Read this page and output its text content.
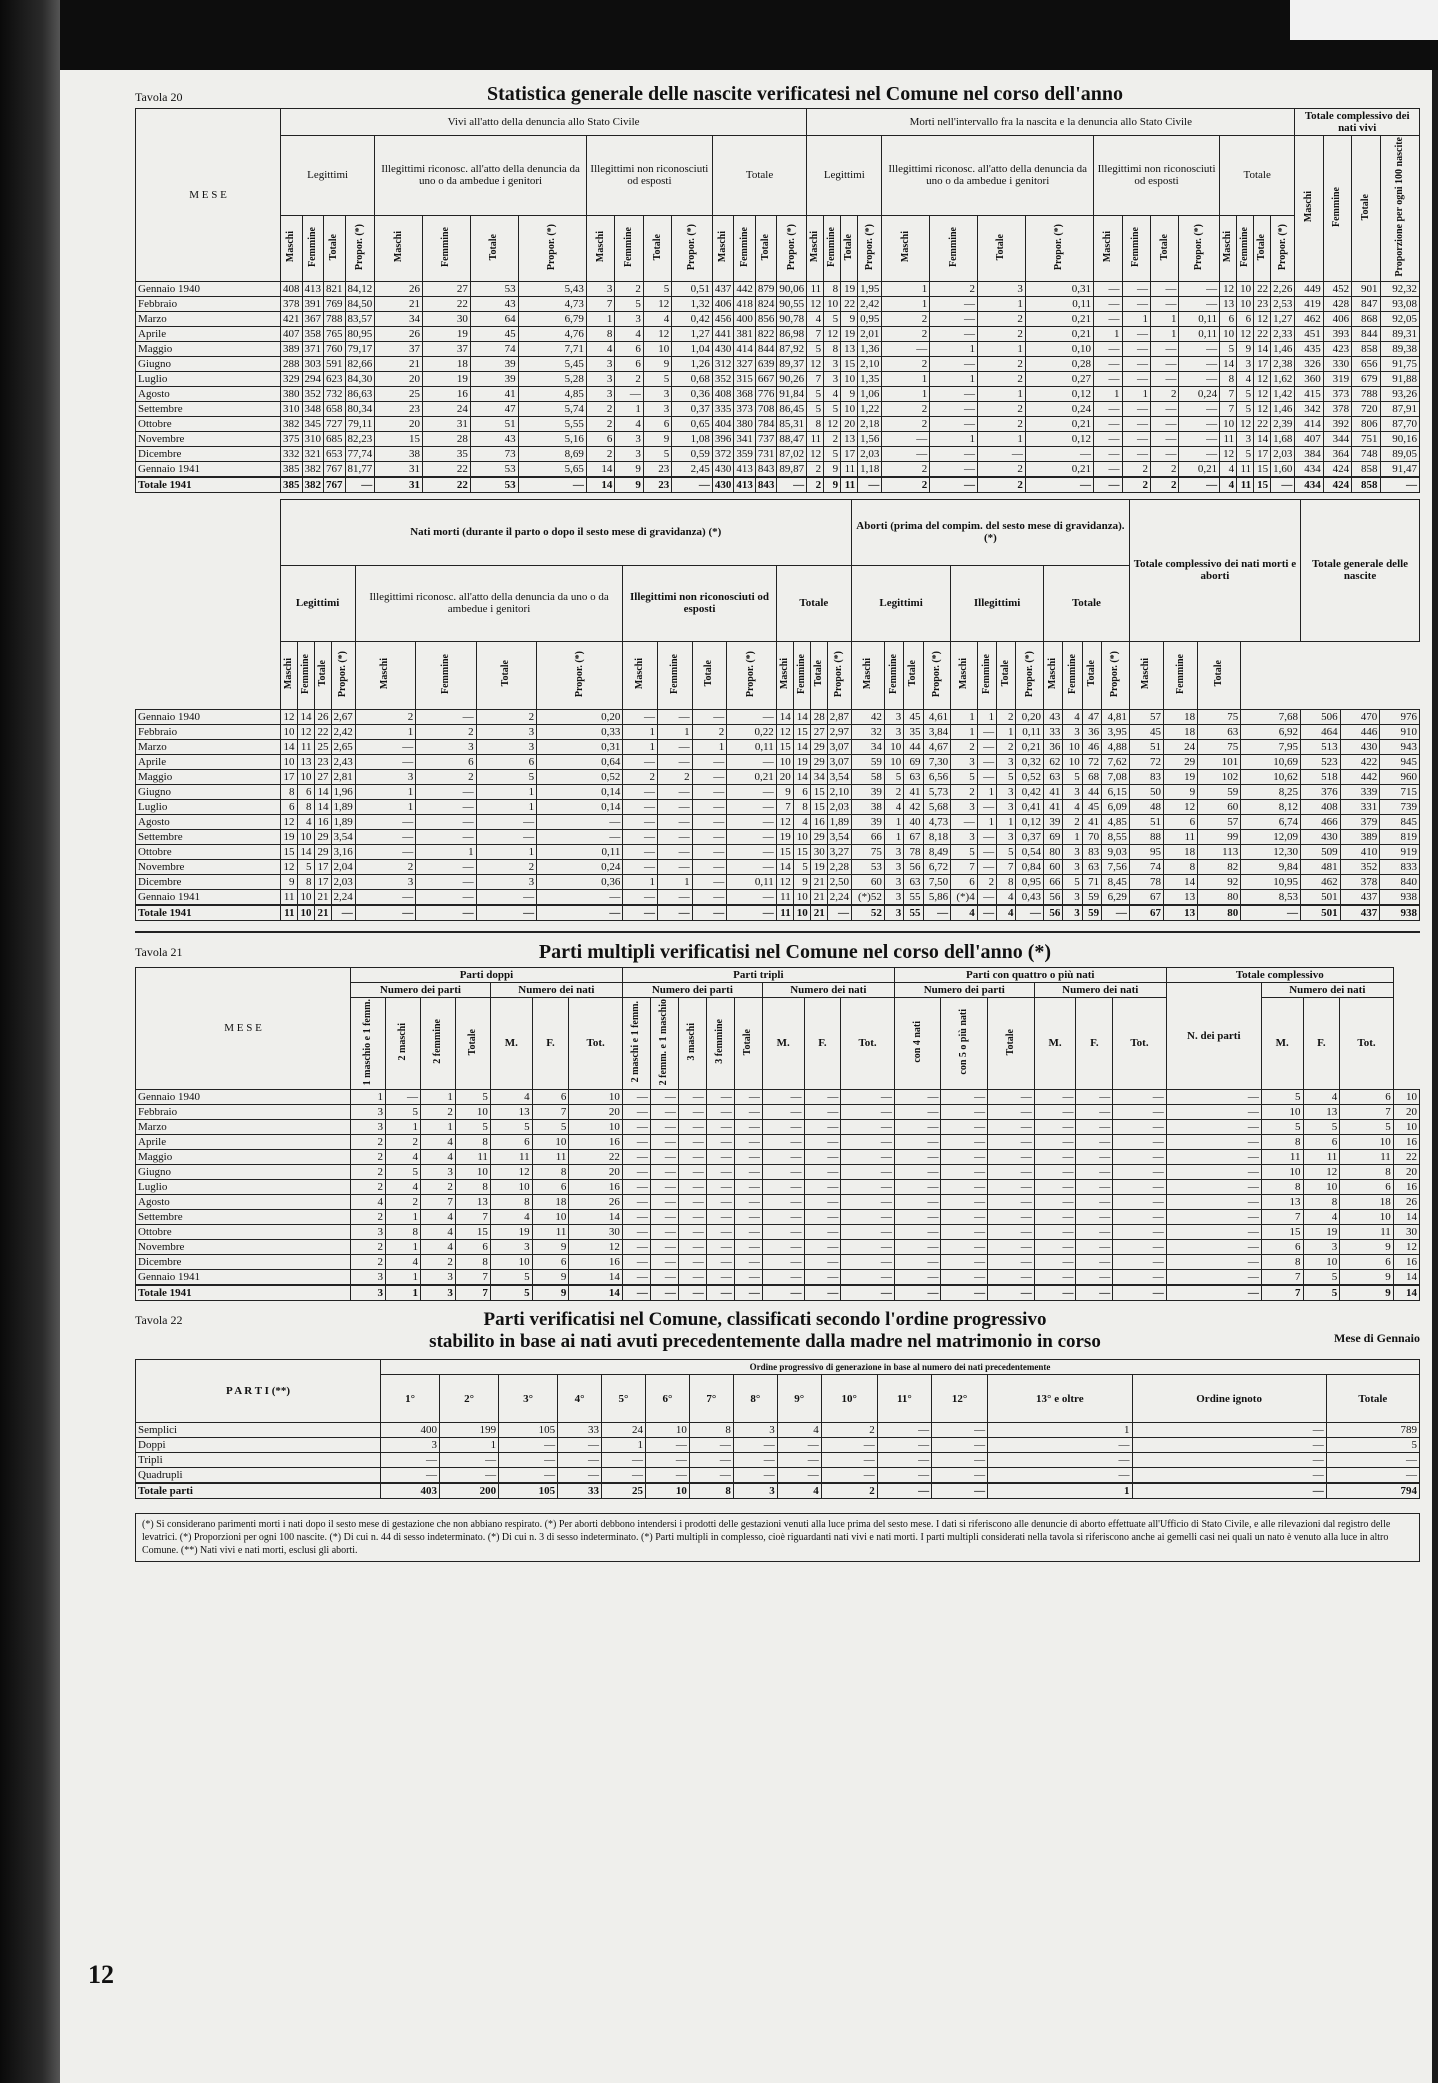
Tavola 20	Statistica generale delle nascite verificatesi nel Comune nel corso dell'anno
M E S E	Vivi all'atto della denuncia allo Stato Civile																Morti nell'intervallo fra la nascita e la denuncia allo Stato Civile																Totale complessivo dei nati vivi			
	Legittimi				Illegittimi riconosc. all'atto della denuncia da uno o da ambedue i genitori				Illegittimi non riconosciuti od esposti				Totale				Legittimi				Illegittimi riconosc. all'atto della denuncia da uno o da ambedue i genitori				Illegittimi non riconosciuti od esposti				Totale				Maschi	Femmine	Totale	Proporzione per ogni 100 nascite
	Maschi	Femmine	Totale	Propor. (*)	Maschi	Femmine	Totale	Propor. (*)	Maschi	Femmine	Totale	Propor. (*)	Maschi	Femmine	Totale	Propor. (*)	Maschi	Femmine	Totale	Propor. (*)	Maschi	Femmine	Totale	Propor. (*)	Maschi	Femmine	Totale	Propor. (*)	Maschi	Femmine	Totale	Propor. (*)				
Gennaio 1940	408	413	821	84,12	26	27	53	5,43	3	2	5	0,51	437	442	879	90,06	11	8	19	1,95	1	2	3	0,31	—	—	—	—	12	10	22	2,26	449	452	901	92,32
Febbraio	378	391	769	84,50	21	22	43	4,73	7	5	12	1,32	406	418	824	90,55	12	10	22	2,42	1	—	1	0,11	—	—	—	—	13	10	23	2,53	419	428	847	93,08
Marzo	421	367	788	83,57	34	30	64	6,79	1	3	4	0,42	456	400	856	90,78	4	5	9	0,95	2	—	2	0,21	—	1	1	0,11	6	6	12	1,27	462	406	868	92,05
Aprile	407	358	765	80,95	26	19	45	4,76	8	4	12	1,27	441	381	822	86,98	7	12	19	2,01	2	—	2	0,21	1	—	1	0,11	10	12	22	2,33	451	393	844	89,31
Maggio	389	371	760	79,17	37	37	74	7,71	4	6	10	1,04	430	414	844	87,92	5	8	13	1,36	—	1	1	0,10	—	—	—	—	5	9	14	1,46	435	423	858	89,38
Giugno	288	303	591	82,66	21	18	39	5,45	3	6	9	1,26	312	327	639	89,37	12	3	15	2,10	2	—	2	0,28	—	—	—	—	14	3	17	2,38	326	330	656	91,75
Luglio	329	294	623	84,30	20	19	39	5,28	3	2	5	0,68	352	315	667	90,26	7	3	10	1,35	1	1	2	0,27	—	—	—	—	8	4	12	1,62	360	319	679	91,88
Agosto	380	352	732	86,63	25	16	41	4,85	3	—	3	0,36	408	368	776	91,84	5	4	9	1,06	1	—	1	0,12	1	1	2	0,24	7	5	12	1,42	415	373	788	93,26
Settembre	310	348	658	80,34	23	24	47	5,74	2	1	3	0,37	335	373	708	86,45	5	5	10	1,22	2	—	2	0,24	—	—	—	—	7	5	12	1,46	342	378	720	87,91
Ottobre	382	345	727	79,11	20	31	51	5,55	2	4	6	0,65	404	380	784	85,31	8	12	20	2,18	2	—	2	0,21	—	—	—	—	10	12	22	2,39	414	392	806	87,70
Novembre	375	310	685	82,23	15	28	43	5,16	6	3	9	1,08	396	341	737	88,47	11	2	13	1,56	—	1	1	0,12	—	—	—	—	11	3	14	1,68	407	344	751	90,16
Dicembre	332	321	653	77,74	38	35	73	8,69	2	3	5	0,59	372	359	731	87,02	12	5	17	2,03	—	—	—	—	—	—	—	—	12	5	17	2,03	384	364	748	89,05
Gennaio 1941	385	382	767	81,77	31	22	53	5,65	14	9	23	2,45	430	413	843	89,87	2	9	11	1,18	2	—	2	0,21	—	2	2	0,21	4	11	15	1,60	434	424	858	91,47
Totale 1941	385	382	767	—	31	22	53	—	14	9	23	—	430	413	843	—	2	9	11	—	2	—	2	—	—	2	2	—	4	11	15	—	434	424	858	—
	Nati morti (durante il parto o dopo il sesto mese di gravidanza) (*)																Aborti (prima del compim. del sesto mese di gravidanza). (*)												Totale complessivo dei nati morti e aborti				Totale generale delle nascite		
	Legittimi				Illegittimi riconosc. all'atto della denuncia da uno o da ambedue i genitori				Illegittimi non riconosciuti od esposti				Totale				Legittimi				Illegittimi				Totale										
	Maschi	Femmine	Totale	Propor. (*)	Maschi	Femmine	Totale	Propor. (*)	Maschi	Femmine	Totale	Propor. (*)	Maschi	Femmine	Totale	Propor. (*)	Maschi	Femmine	Totale	Propor. (*)	Maschi	Femmine	Totale	Propor. (*)	Maschi	Femmine	Totale	Propor. (*)	Maschi	Femmine	Totale				
Gennaio 1940	12	14	26	2,67	2	—	2	0,20	—	—	—	—	14	14	28	2,87	42	3	45	4,61	1	1	2	0,20	43	4	47	4,81	57	18	75	7,68	506	470	976
Febbraio	10	12	22	2,42	1	2	3	0,33	1	1	2	0,22	12	15	27	2,97	32	3	35	3,84	1	—	1	0,11	33	3	36	3,95	45	18	63	6,92	464	446	910
Marzo	14	11	25	2,65	—	3	3	0,31	1	—	1	0,11	15	14	29	3,07	34	10	44	4,67	2	—	2	0,21	36	10	46	4,88	51	24	75	7,95	513	430	943
Aprile	10	13	23	2,43	—	6	6	0,64	—	—	—	—	10	19	29	3,07	59	10	69	7,30	3	—	3	0,32	62	10	72	7,62	72	29	101	10,69	523	422	945
Maggio	17	10	27	2,81	3	2	5	0,52	2	2	—	0,21	20	14	34	3,54	58	5	63	6,56	5	—	5	0,52	63	5	68	7,08	83	19	102	10,62	518	442	960
Giugno	8	6	14	1,96	1	—	1	0,14	—	—	—	—	9	6	15	2,10	39	2	41	5,73	2	1	3	0,42	41	3	44	6,15	50	9	59	8,25	376	339	715
Luglio	6	8	14	1,89	1	—	1	0,14	—	—	—	—	7	8	15	2,03	38	4	42	5,68	3	—	3	0,41	41	4	45	6,09	48	12	60	8,12	408	331	739
Agosto	12	4	16	1,89	—	—	—	—	—	—	—	—	12	4	16	1,89	39	1	40	4,73	—	1	1	0,12	39	2	41	4,85	51	6	57	6,74	466	379	845
Settembre	19	10	29	3,54	—	—	—	—	—	—	—	—	19	10	29	3,54	66	1	67	8,18	3	—	3	0,37	69	1	70	8,55	88	11	99	12,09	430	389	819
Ottobre	15	14	29	3,16	—	1	1	0,11	—	—	—	—	15	15	30	3,27	75	3	78	8,49	5	—	5	0,54	80	3	83	9,03	95	18	113	12,30	509	410	919
Novembre	12	5	17	2,04	2	—	2	0,24	—	—	—	—	14	5	19	2,28	53	3	56	6,72	7	—	7	0,84	60	3	63	7,56	74	8	82	9,84	481	352	833
Dicembre	9	8	17	2,03	3	—	3	0,36	1	1	—	0,11	12	9	21	2,50	60	3	63	7,50	6	2	8	0,95	66	5	71	8,45	78	14	92	10,95	462	378	840
Gennaio 1941	11	10	21	2,24	—	—	—	—	—	—	—	—	11	10	21	2,24	(*)52	3	55	5,86	(*)4	—	4	0,43	56	3	59	6,29	67	13	80	8,53	501	437	938
Totale 1941	11	10	21	—	—	—	—	—	—	—	—	—	11	10	21	—	52	3	55	—	4	—	4	—	56	3	59	—	67	13	80	—	501	437	938
Tavola 21	Parti multipli verificatisi nel Comune nel corso dell'anno (*)
M E S E	Parti doppi							Parti tripli								Parti con quattro o più nati						Totale complessivo				
	Numero dei parti				Numero dei nati			Numero dei parti					Numero dei nati			Numero dei parti			Numero dei nati			N. dei parti	Numero dei nati			
	1 maschio e 1 femm.	2 maschi	2 femmine	Totale	M.	F.	Tot.	2 maschi e 1 femm.	2 femm. e 1 maschio	3 maschi	3 femmine	Totale	M.	F.	Tot.	con 4 nati	con 5 o più nati	Totale	M.	F.	Tot.		M.	F.	Tot.	
Gennaio 1940	1	—	1	5	4	6	10	—	—	—	—	—	—	—	—	—	—	—	—	—	—	—	5	4	6	10
Febbraio	3	5	2	10	13	7	20	—	—	—	—	—	—	—	—	—	—	—	—	—	—	—	10	13	7	20
Marzo	3	1	1	5	5	5	10	—	—	—	—	—	—	—	—	—	—	—	—	—	—	—	5	5	5	10
Aprile	2	2	4	8	6	10	16	—	—	—	—	—	—	—	—	—	—	—	—	—	—	—	8	6	10	16
Maggio	2	4	4	11	11	11	22	—	—	—	—	—	—	—	—	—	—	—	—	—	—	—	11	11	11	22
Giugno	2	5	3	10	12	8	20	—	—	—	—	—	—	—	—	—	—	—	—	—	—	—	10	12	8	20
Luglio	2	4	2	8	10	6	16	—	—	—	—	—	—	—	—	—	—	—	—	—	—	—	8	10	6	16
Agosto	4	2	7	13	8	18	26	—	—	—	—	—	—	—	—	—	—	—	—	—	—	—	13	8	18	26
Settembre	2	1	4	7	4	10	14	—	—	—	—	—	—	—	—	—	—	—	—	—	—	—	7	4	10	14
Ottobre	3	8	4	15	19	11	30	—	—	—	—	—	—	—	—	—	—	—	—	—	—	—	15	19	11	30
Novembre	2	1	4	6	3	9	12	—	—	—	—	—	—	—	—	—	—	—	—	—	—	—	6	3	9	12
Dicembre	2	4	2	8	10	6	16	—	—	—	—	—	—	—	—	—	—	—	—	—	—	—	8	10	6	16
Gennaio 1941	3	1	3	7	5	9	14	—	—	—	—	—	—	—	—	—	—	—	—	—	—	—	7	5	9	14
Totale 1941	3	1	3	7	5	9	14	—	—	—	—	—	—	—	—	—	—	—	—	—	—	—	7	5	9	14
Tavola 22	Parti verificatisi nel Comune, classificati secondo l'ordine progressivo
stabilito in base ai nati avuti precedentemente dalla madre nel matrimonio in corso	Mese di Gennaio
P A R T I (**)	Ordine progressivo di generazione in base al numero dei nati precedentemente														
	1°	2°	3°	4°	5°	6°	7°	8°	9°	10°	11°	12°	13° e oltre	Ordine ignoto	Totale
Semplici	400	199	105	33	24	10	8	3	4	2	—	—	1	—	789
Doppi	3	1	—	—	1	—	—	—	—	—	—	—	—	—	5
Tripli	—	—	—	—	—	—	—	—	—	—	—	—	—	—	—
Quadrupli	—	—	—	—	—	—	—	—	—	—	—	—	—	—	—
Totale parti	403	200	105	33	25	10	8	3	4	2	—	—	1	—	794
(*) Si considerano parimenti morti i nati dopo il sesto mese di gestazione che non abbiano respirato. (*) Per aborti debbono intendersi i prodotti delle gestazioni venuti alla luce prima del sesto mese. I dati si riferiscono alle denuncie di aborto effettuate all'Ufficio di Stato Civile, e alle rilevazioni dal registro delle levatrici. (*) Proporzioni per ogni 100 nascite. (*) Di cui n. 44 di sesso indeterminato. (*) Di cui n. 3 di sesso indeterminato. (*) Parti multipli in complesso, cioè riguardanti nati vivi e nati morti. I parti multipli considerati nella tavola si riferiscono anche ai gemelli casi nei quali un nato è venuto alla luce in altro Comune. (**) Nati vivi e nati morti, esclusi gli aborti.
12
